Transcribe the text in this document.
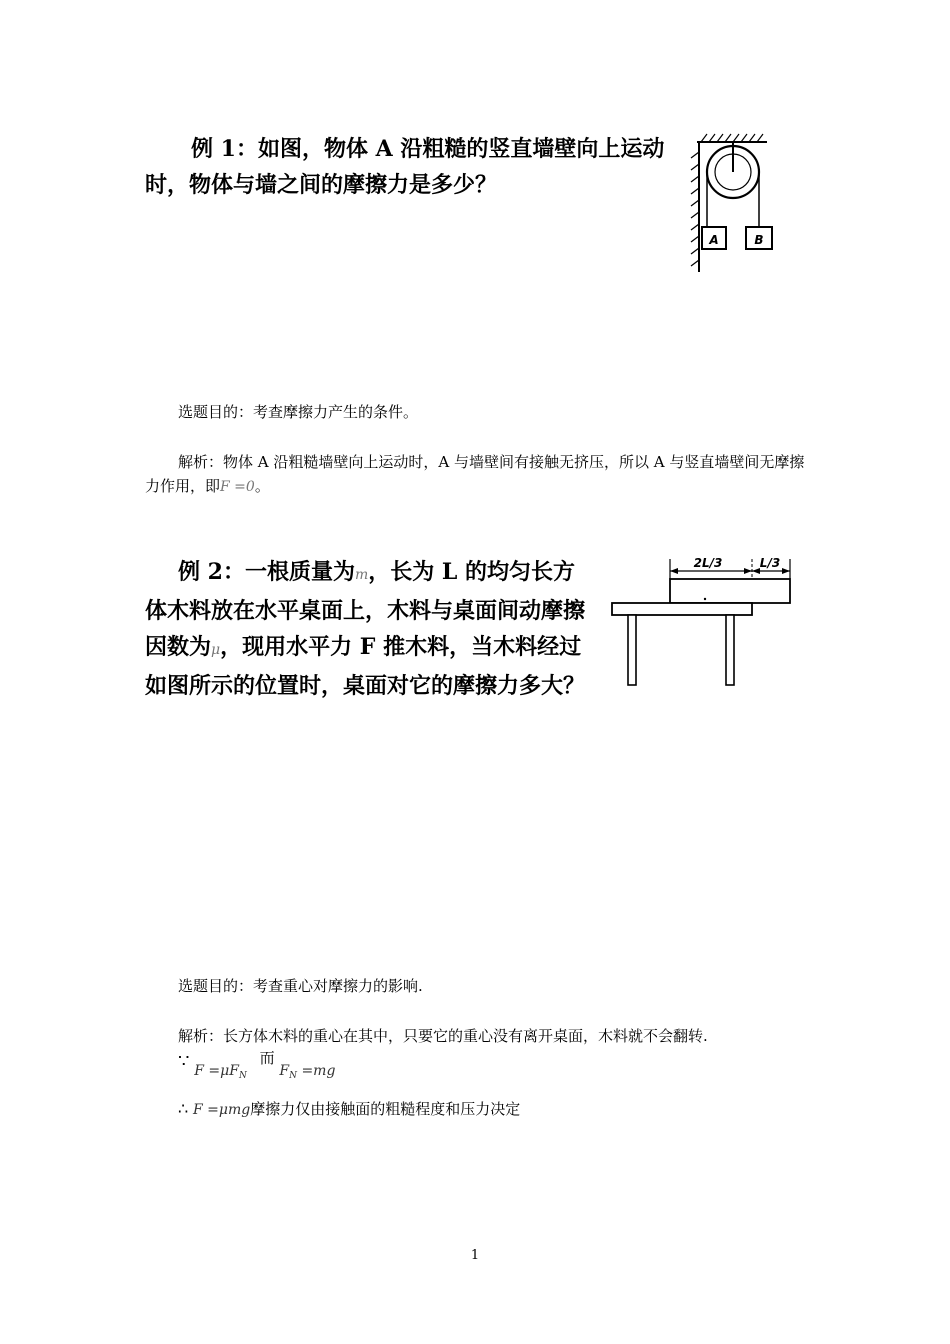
例 1：如图，物体 A 沿粗糙的竖直墙壁向上运动时，物体与墙之间的摩擦力是多少？
A	B
选题目的：考查摩擦力产生的条件。
解析：物体 A 沿粗糙墙壁向上运动时，A 与墙壁间有接触无挤压，所以 A 与竖直墙壁间无摩擦力作用，即F =0。
例 2：一根质量为m，长为 L 的均匀长方体木料放在水平桌面上，木料与桌面间动摩擦因数为μ，现用水平力 F 推木料，当木料经过如图所示的位置时，桌面对它的摩擦力多大？
2L/3	L/3
选题目的：考查重心对摩擦力的影响.
解析：长方体木料的重心在其中，只要它的重心没有离开桌面，木料就不会翻转.
∵ $F =\mu F_N$ 而 $F_N =mg$
∴ F =μmg摩擦力仅由接触面的粗糙程度和压力决定
1
